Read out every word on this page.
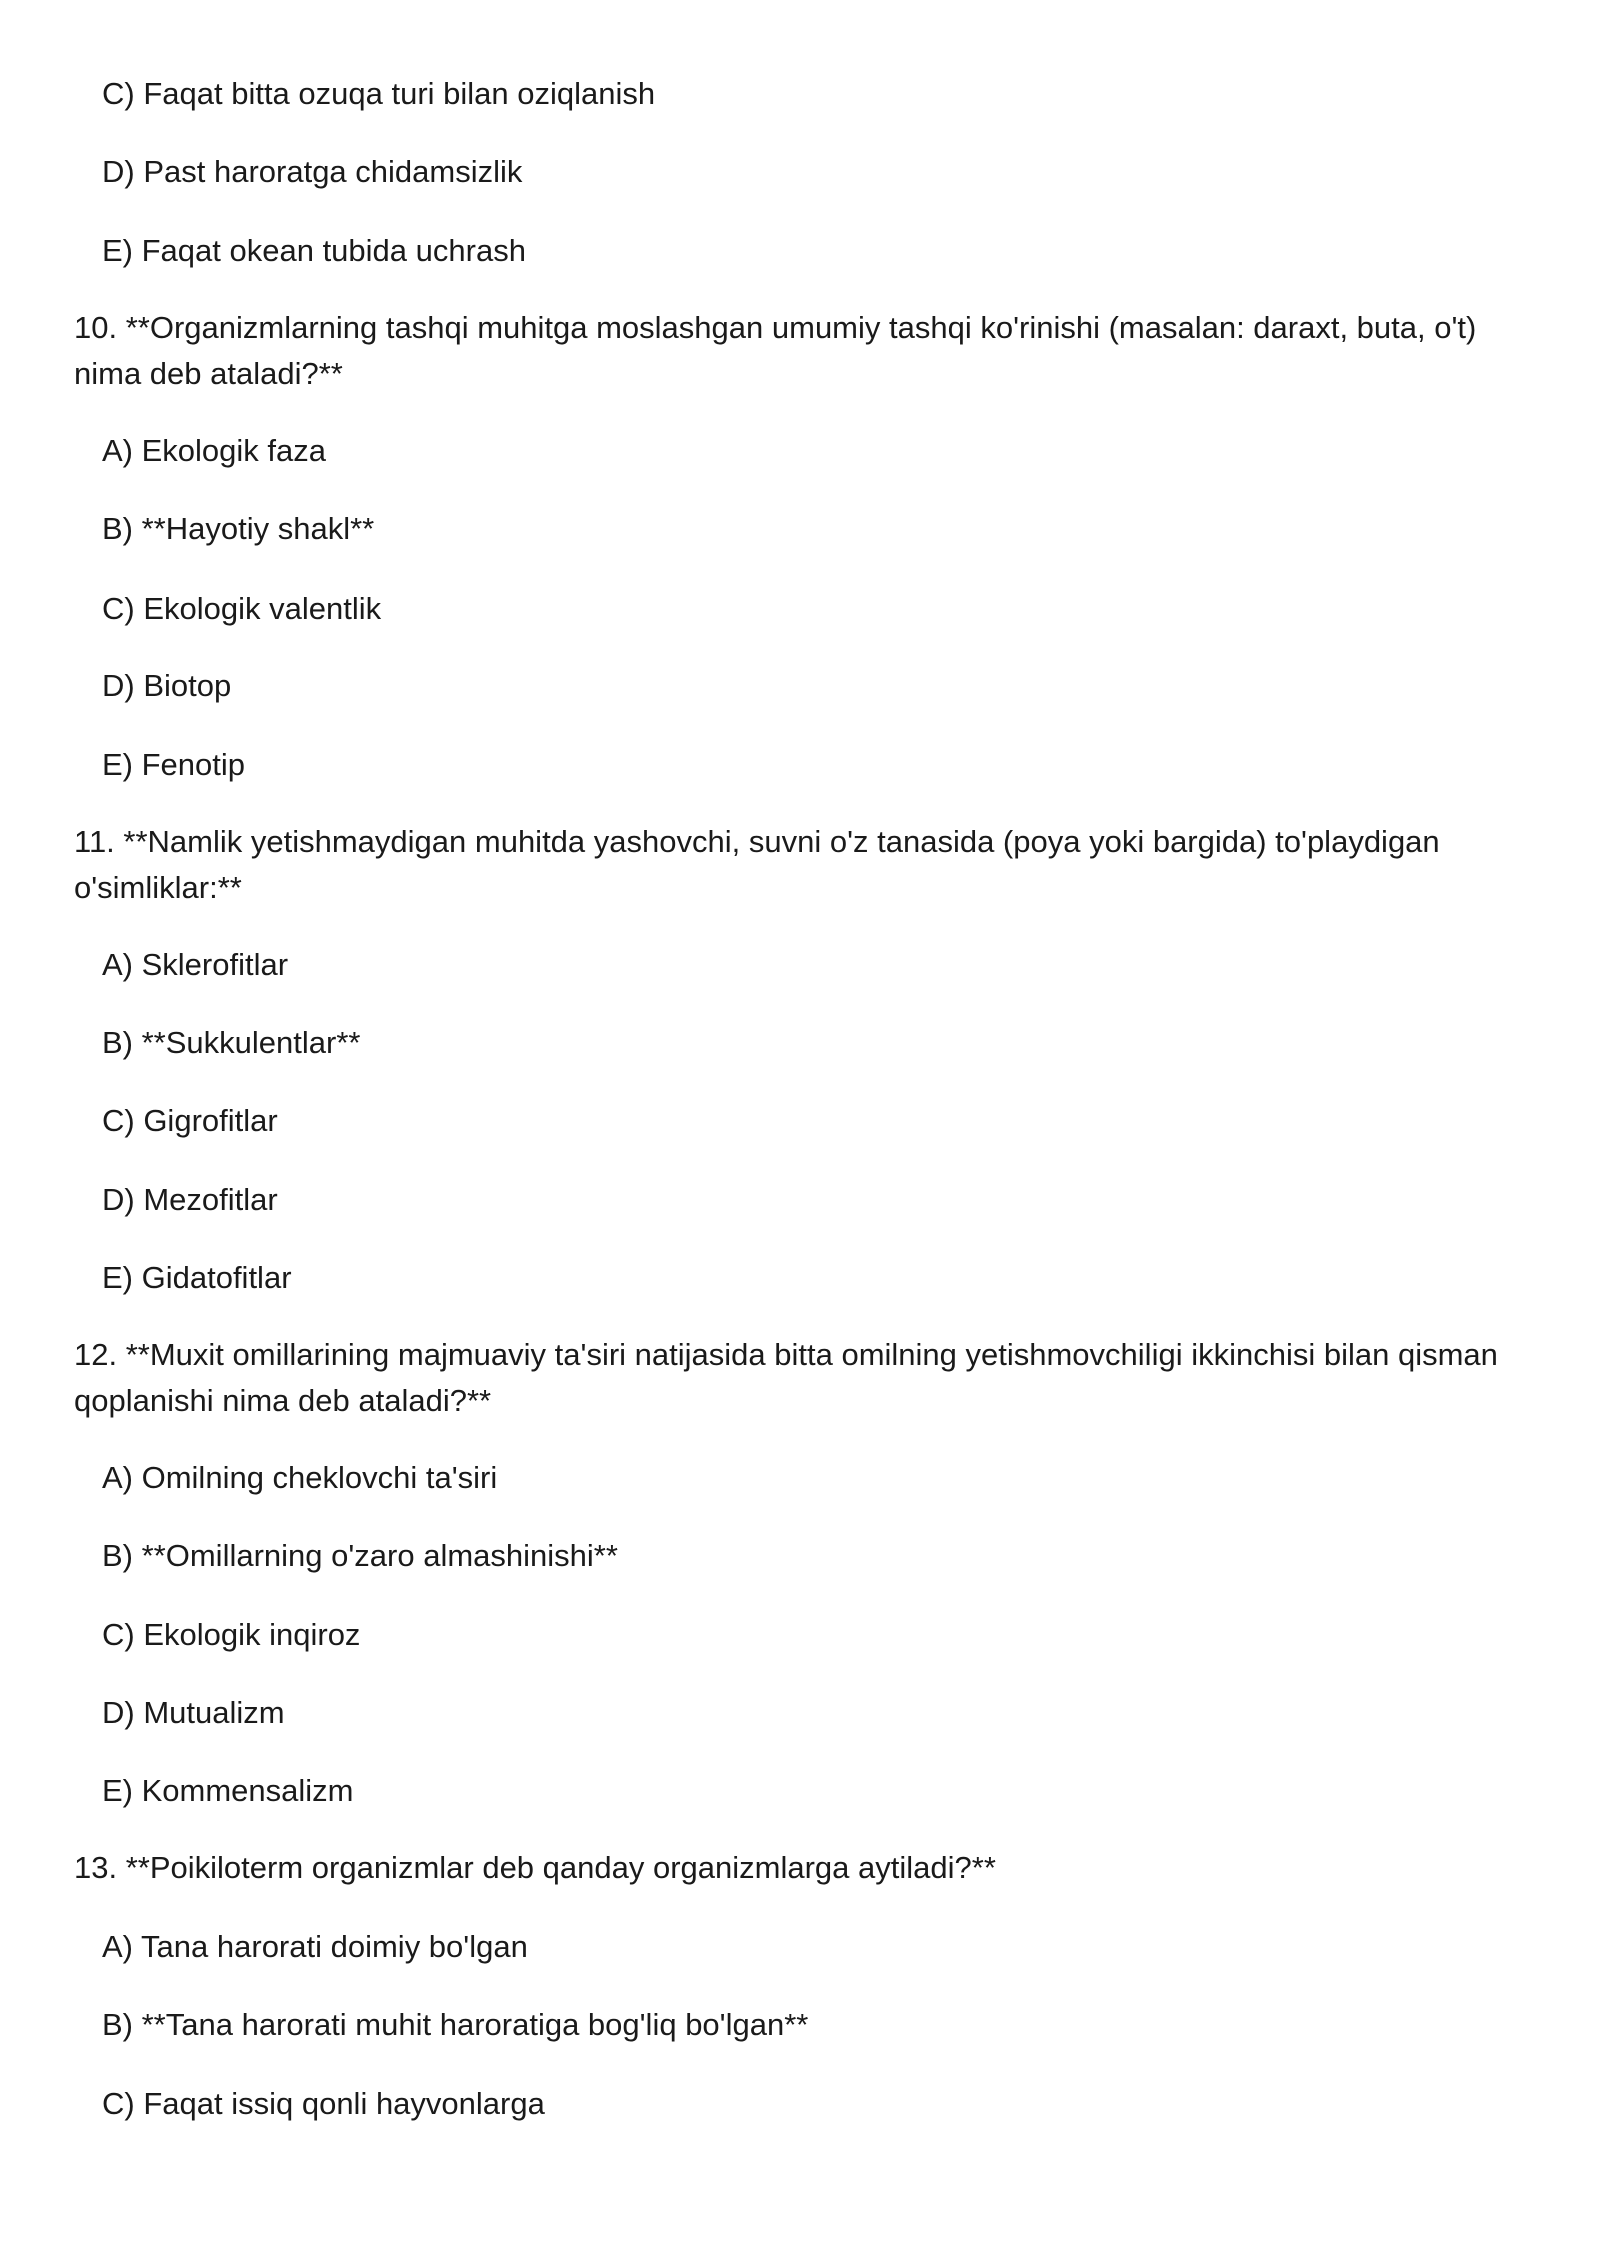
C) Faqat bitta ozuqa turi bilan oziqlanish
D) Past haroratga chidamsizlik
E) Faqat okean tubida uchrash
10. **Organizmlarning tashqi muhitga moslashgan umumiy tashqi ko'rinishi (masalan: daraxt, buta, o't) nima deb ataladi?**
A) Ekologik faza
B) **Hayotiy shakl**
C) Ekologik valentlik
D) Biotop
E) Fenotip
11. **Namlik yetishmaydigan muhitda yashovchi, suvni o'z tanasida (poya yoki bargida) to'playdigan o'simliklar:**
A) Sklerofitlar
B) **Sukkulentlar**
C) Gigrofitlar
D) Mezofitlar
E) Gidatofitlar
12. **Muxit omillarining majmuaviy ta'siri natijasida bitta omilning yetishmovchiligi ikkinchisi bilan qisman qoplanishi nima deb ataladi?**
A) Omilning cheklovchi ta'siri
B) **Omillarning o'zaro almashinishi**
C) Ekologik inqiroz
D) Mutualizm
E) Kommensalizm
13. **Poikiloterm organizmlar deb qanday organizmlarga aytiladi?**
A) Tana harorati doimiy bo'lgan
B) **Tana harorati muhit haroratiga bog'liq bo'lgan**
C) Faqat issiq qonli hayvonlarga
